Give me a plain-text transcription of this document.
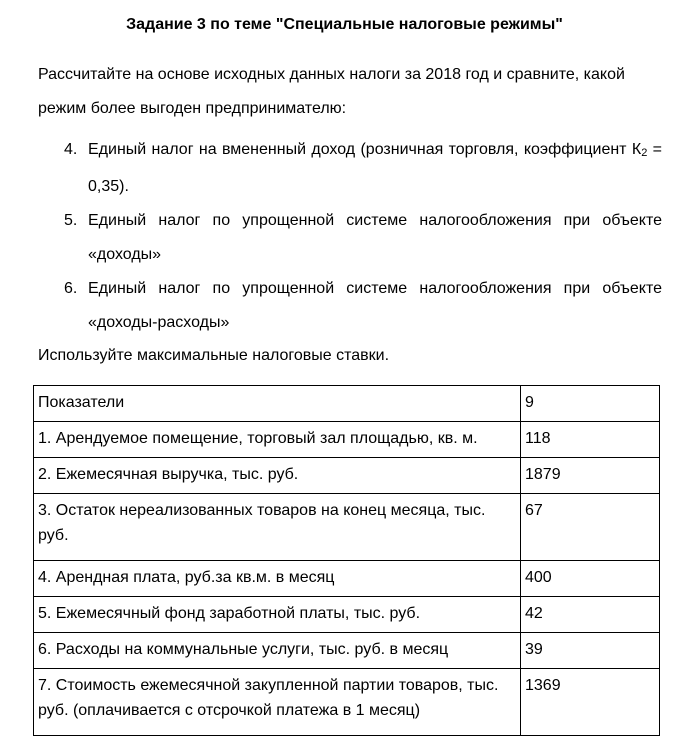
Задание 3 по теме "Специальные налоговые режимы"
Рассчитайте на основе исходных данных налоги за 2018 год и сравните, какой режим более выгоден предпринимателю:
4. Единый налог на вмененный доход (розничная торговля, коэффициент $К_2 = 0,35$).
5. Единый налог по упрощенной системе налогообложения при объекте «доходы»
6. Единый налог по упрощенной системе налогообложения при объекте «доходы-расходы»
Используйте максимальные налоговые ставки.
Показатели	9
1. Арендуемое помещение, торговый зал площадью, кв. м.	118
2. Ежемесячная выручка, тыс. руб.	1879
3. Остаток нереализованных товаров на конец месяца, тыс. руб.	67
4. Арендная плата, руб.за кв.м. в месяц	400
5. Ежемесячный фонд заработной платы, тыс. руб.	42
6. Расходы на коммунальные услуги, тыс. руб. в месяц	39
7. Стоимость ежемесячной закупленной партии товаров, тыс. руб. (оплачивается с отсрочкой платежа в 1 месяц)	1369
